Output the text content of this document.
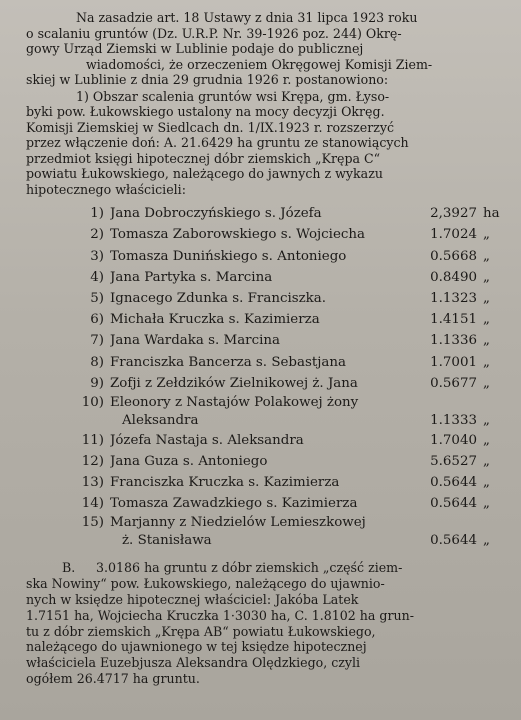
Na zasadzie art. 18 Ustawy z dnia 31 lipca 1923 roku
o scalaniu gruntów (Dz. U.R.P. Nr. 39-1926 poz. 244) Okrę-
gowy Urząd Ziemski w Lublinie podaje do publicznej
wiadomości, że orzeczeniem Okręgowej Komisji Ziem-
skiej w Lublinie z dnia 29 grudnia 1926 r. postanowiono:
1) Obszar scalenia gruntów wsi Krępa, gm. Łyso-
byki pow. Łukowskiego ustalony na mocy decyzji Okręg.
Komisji Ziemskiej w Siedlcach dn. 1/IX.1923 r. rozszerzyć
przez włączenie doń: A. 21.6429 ha gruntu ze stanowiących
przedmiot księgi hipotecznej dóbr ziemskich „Krępa C“
powiatu Łukowskiego, należącego do jawnych z wykazu
hipotecznego właścicieli:
1) Jana Dobroczyńskiego s. Józefa	2,3927 ha
2) Tomasza Zaborowskiego s. Wojciecha	1.7024 „
3) Tomasza Dunińskiego s. Antoniego	0.5668 „
4) Jana Partyka s. Marcina	0.8490 „
5) Ignacego Zdunka s. Franciszka.	1.1323 „
6) Michała Kruczka s. Kazimierza	1.4151 „
7) Jana Wardaka s. Marcina	1.1336 „
8) Franciszka Bancerza s. Sebastjana	1.7001 „
9) Zofji z Zełdzików Zielnikowej ż. Jana	0.5677 „
10) Eleonory z Nastajów Polakowej żony
Aleksandra	1.1333 „
11) Józefa Nastaja s. Aleksandra	1.7040 „
12) Jana Guza s. Antoniego	5.6527 „
13) Franciszka Kruczka s. Kazimierza	0.5644 „
14) Tomasza Zawadzkiego s. Kazimierza	0.5644 „
15) Marjanny z Niedzielów Lemieszkowej
ż. Stanisława	0.5644 „
B. 3.0186 ha gruntu z dóbr ziemskich „część ziem-
ska Nowiny“ pow. Łukowskiego, należącego do ujawnio-
nych w księdze hipotecznej właściciel: Jakóba Latek
1.7151 ha, Wojciecha Kruczka 1·3030 ha, C. 1.8102 ha grun-
tu z dóbr ziemskich „Krępa AB“ powiatu Łukowskiego,
należącego do ujawnionego w tej księdze hipotecznej
właściciela Euzebjusza Aleksandra Olędzkiego, czyli
ogółem 26.4717 ha gruntu.
